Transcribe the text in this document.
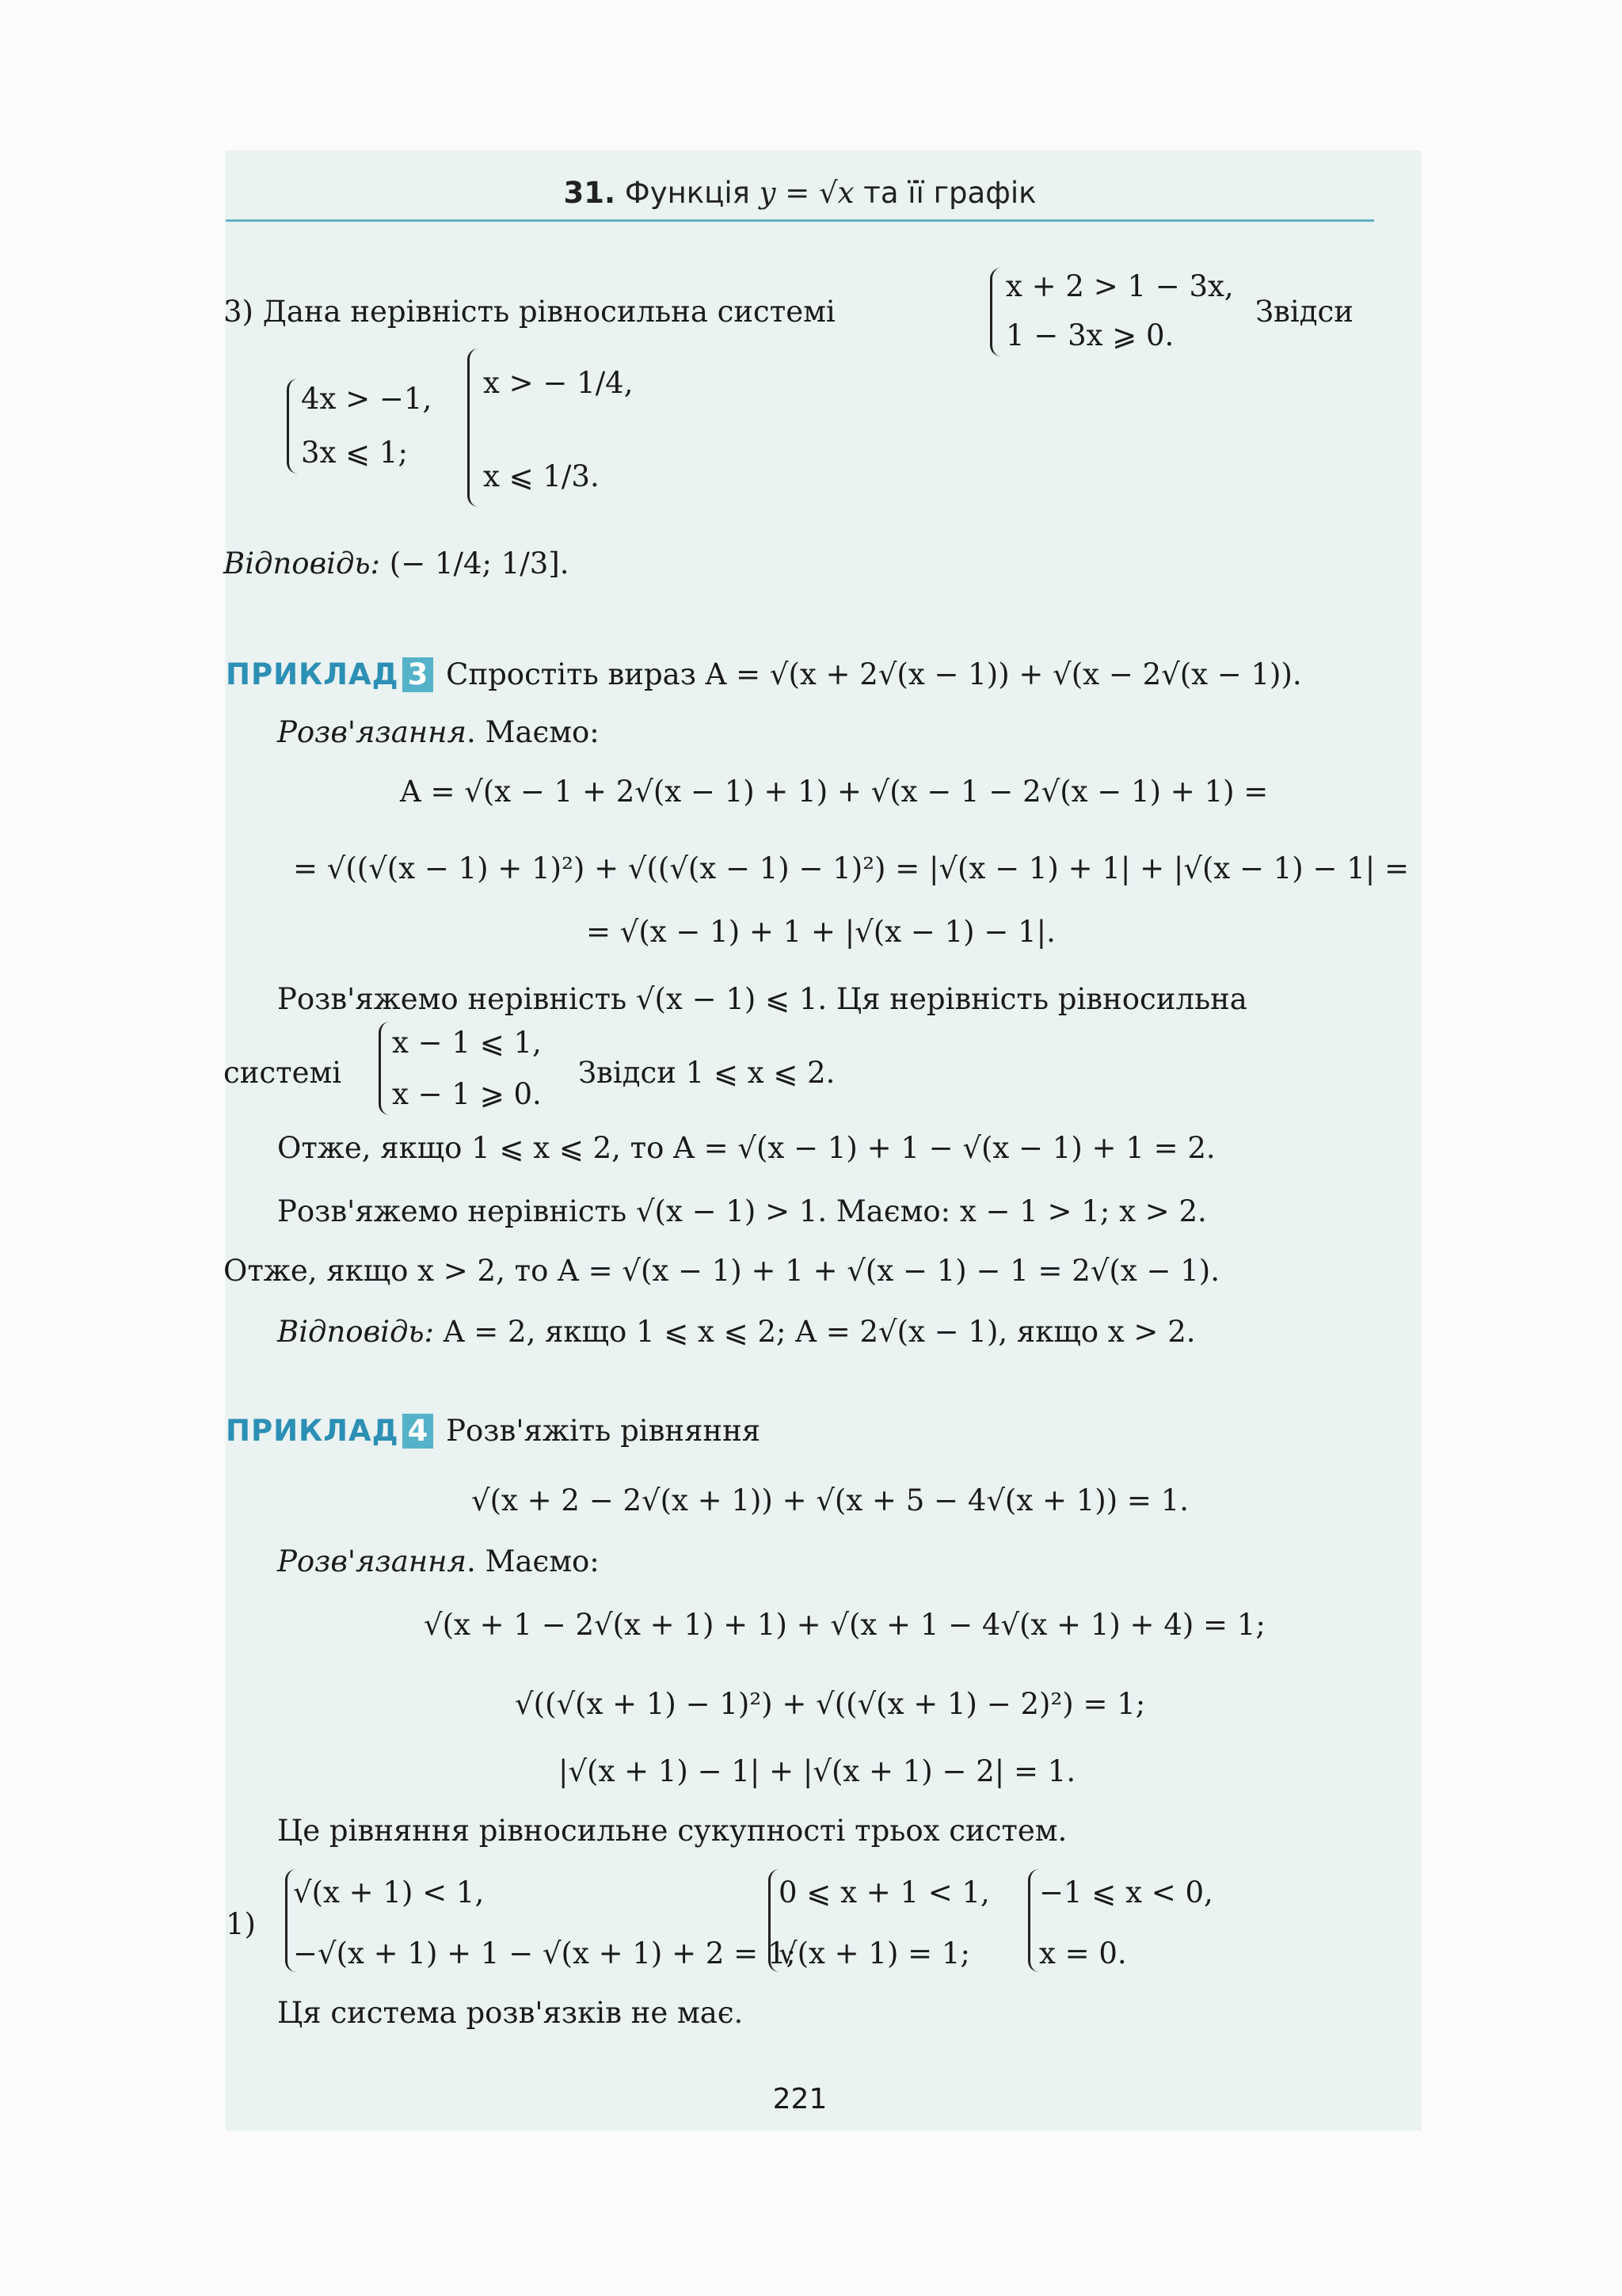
31. Функція y = √x та її графік
3) Дана нерівність рівносильна системі
x + 2 > 1 − 3x,
1 − 3x ⩾ 0.
Звідси
4x > −1,
3x ⩽ 1;
x > − 1/4,
x ⩽ 1/3.
Відповідь: (− 1/4; 1/3].
ПРИКЛАД 3 Спростіть вираз A = √(x + 2√(x − 1)) + √(x − 2√(x − 1)).
Розв'язання. Маємо:
A = √(x − 1 + 2√(x − 1) + 1) + √(x − 1 − 2√(x − 1) + 1) =
= √((√(x − 1) + 1)²) + √((√(x − 1) − 1)²) = |√(x − 1) + 1| + |√(x − 1) − 1| =
= √(x − 1) + 1 + |√(x − 1) − 1|.
Розв'яжемо нерівність √(x − 1) ⩽ 1. Ця нерівність рівносильна
системі
x − 1 ⩽ 1,
x − 1 ⩾ 0.
Звідси 1 ⩽ x ⩽ 2.
Отже, якщо 1 ⩽ x ⩽ 2, то A = √(x − 1) + 1 − √(x − 1) + 1 = 2.
Розв'яжемо нерівність √(x − 1) > 1. Маємо: x − 1 > 1; x > 2.
Отже, якщо x > 2, то A = √(x − 1) + 1 + √(x − 1) − 1 = 2√(x − 1).
Відповідь: A = 2, якщо 1 ⩽ x ⩽ 2; A = 2√(x − 1), якщо x > 2.
ПРИКЛАД 4 Розв'яжіть рівняння
√(x + 2 − 2√(x + 1)) + √(x + 5 − 4√(x + 1)) = 1.
Розв'язання. Маємо:
√(x + 1 − 2√(x + 1) + 1) + √(x + 1 − 4√(x + 1) + 4) = 1;
√((√(x + 1) − 1)²) + √((√(x + 1) − 2)²) = 1;
|√(x + 1) − 1| + |√(x + 1) − 2| = 1.
Це рівняння рівносильне сукупності трьох систем.
1)
√(x + 1) < 1,
−√(x + 1) + 1 − √(x + 1) + 2 = 1;
0 ⩽ x + 1 < 1,
√(x + 1) = 1;
−1 ⩽ x < 0,
x = 0.
Ця система розв'язків не має.
221
